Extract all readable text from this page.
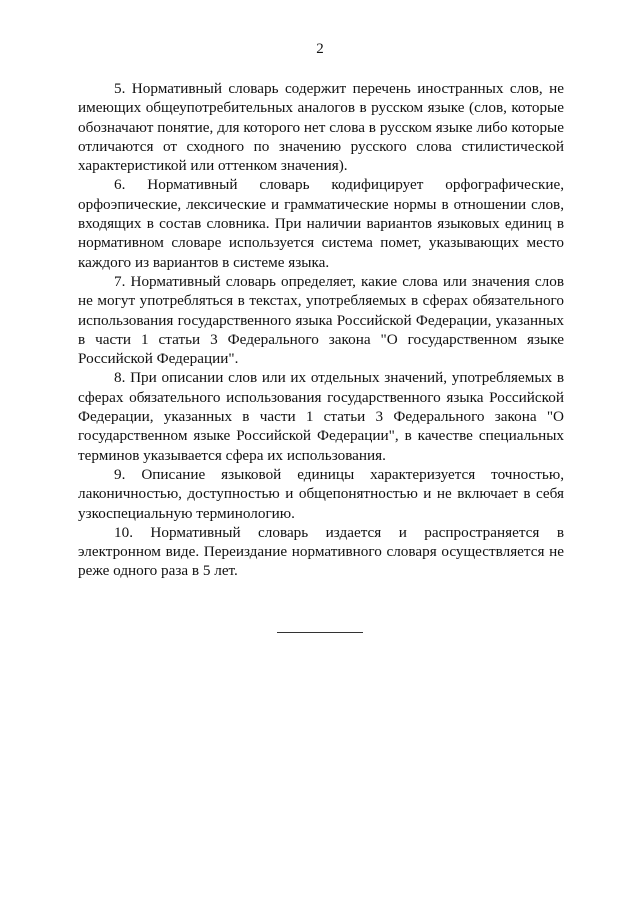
2

5. Нормативный словарь содержит перечень иностранных слов, не имеющих общеупотребительных аналогов в русском языке (слов, которые обозначают понятие, для которого нет слова в русском языке либо которые отличаются от сходного по значению русского слова стилистической характеристикой или оттенком значения).

6. Нормативный словарь кодифицирует орфографические, орфоэпические, лексические и грамматические нормы в отношении слов, входящих в состав словника. При наличии вариантов языковых единиц в нормативном словаре используется система помет, указывающих место каждого из вариантов в системе языка.

7. Нормативный словарь определяет, какие слова или значения слов не могут употребляться в текстах, употребляемых в сферах обязательного использования государственного языка Российской Федерации, указанных в части 1 статьи 3 Федерального закона "О государственном языке Российской Федерации".

8. При описании слов или их отдельных значений, употребляемых в сферах обязательного использования государственного языка Российской Федерации, указанных в части 1 статьи 3 Федерального закона "О государственном языке Российской Федерации", в качестве специальных терминов указывается сфера их использования.

9. Описание языковой единицы характеризуется точностью, лаконичностью, доступностью и общепонятностью и не включает в себя узкоспециальную терминологию.

10. Нормативный словарь издается и распространяется в электронном виде. Переиздание нормативного словаря осуществляется не реже одного раза в 5 лет.
